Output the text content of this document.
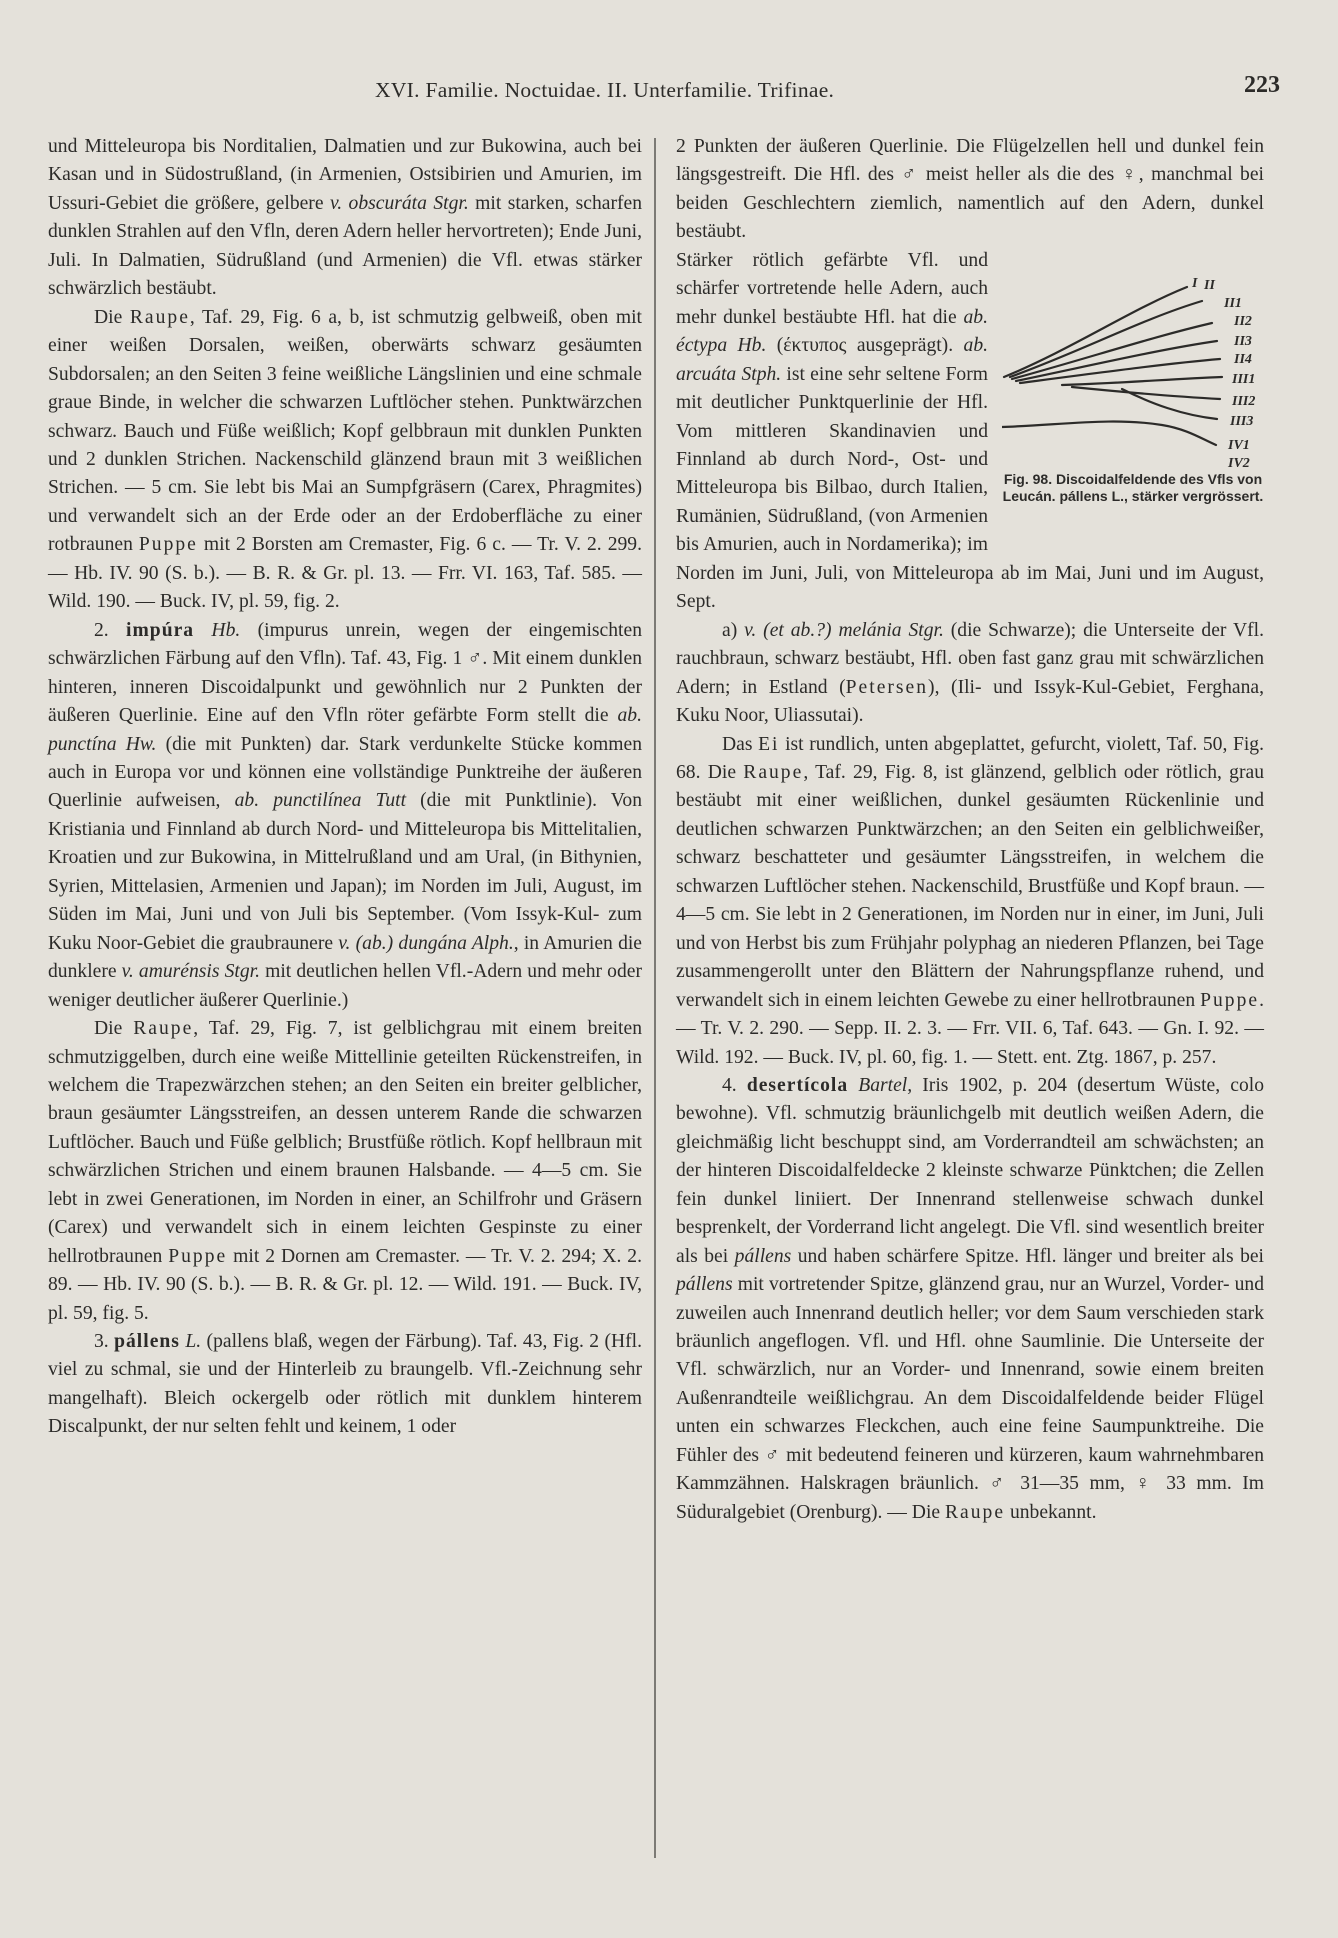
XVI. Familie. Noctuidae. II. Unterfamilie. Trifinae.	223

und Mitteleuropa bis Norditalien, Dalmatien und zur Bukowina, auch bei Kasan und in Südostrußland, (in Armenien, Ostsibirien und Amurien, im Ussuri-Gebiet die größere, gelbere v. obscuráta Stgr. mit starken, scharfen dunklen Strahlen auf den Vfln, deren Adern heller hervortreten); Ende Juni, Juli. In Dalmatien, Südrußland (und Armenien) die Vfl. etwas stärker schwärzlich bestäubt.

Die Raupe, Taf. 29, Fig. 6 a, b, ist schmutzig gelbweiß, oben mit einer weißen Dorsalen, weißen, oberwärts schwarz gesäumten Subdorsalen; an den Seiten 3 feine weißliche Längslinien und eine schmale graue Binde, in welcher die schwarzen Luftlöcher stehen. Punktwärzchen schwarz. Bauch und Füße weißlich; Kopf gelbbraun mit dunklen Punkten und 2 dunklen Strichen. Nackenschild glänzend braun mit 3 weißlichen Strichen. — 5 cm. Sie lebt bis Mai an Sumpfgräsern (Carex, Phragmites) und verwandelt sich an der Erde oder an der Erdoberfläche zu einer rotbraunen Puppe mit 2 Borsten am Cremaster, Fig. 6 c. — Tr. V. 2. 299. — Hb. IV. 90 (S. b.). — B. R. & Gr. pl. 13. — Frr. VI. 163, Taf. 585. — Wild. 190. — Buck. IV, pl. 59, fig. 2.

2. impúra Hb. (impurus unrein, wegen der eingemischten schwärzlichen Färbung auf den Vfln). Taf. 43, Fig. 1 ♂. Mit einem dunklen hinteren, inneren Discoidalpunkt und gewöhnlich nur 2 Punkten der äußeren Querlinie. Eine auf den Vfln röter gefärbte Form stellt die ab. punctína Hw. (die mit Punkten) dar. Stark verdunkelte Stücke kommen auch in Europa vor und können eine vollständige Punktreihe der äußeren Querlinie aufweisen, ab. punctilínea Tutt (die mit Punktlinie). Von Kristiania und Finnland ab durch Nord- und Mitteleuropa bis Mittelitalien, Kroatien und zur Bukowina, in Mittelrußland und am Ural, (in Bithynien, Syrien, Mittelasien, Armenien und Japan); im Norden im Juli, August, im Süden im Mai, Juni und von Juli bis September. (Vom Issyk-Kul- zum Kuku Noor-Gebiet die graubraunere v. (ab.) dungána Alph., in Amurien die dunklere v. amurénsis Stgr. mit deutlichen hellen Vfl.-Adern und mehr oder weniger deutlicher äußerer Querlinie.)

Die Raupe, Taf. 29, Fig. 7, ist gelblichgrau mit einem breiten schmutziggelben, durch eine weiße Mittellinie geteilten Rückenstreifen, in welchem die Trapezwärzchen stehen; an den Seiten ein breiter gelblicher, braun gesäumter Längsstreifen, an dessen unterem Rande die schwarzen Luftlöcher. Bauch und Füße gelblich; Brustfüße rötlich. Kopf hellbraun mit schwärzlichen Strichen und einem braunen Halsbande. — 4—5 cm. Sie lebt in zwei Generationen, im Norden in einer, an Schilfrohr und Gräsern (Carex) und verwandelt sich in einem leichten Gespinste zu einer hellrotbraunen Puppe mit 2 Dornen am Cremaster. — Tr. V. 2. 294; X. 2. 89. — Hb. IV. 90 (S. b.). — B. R. & Gr. pl. 12. — Wild. 191. — Buck. IV, pl. 59, fig. 5.

3. pállens L. (pallens blaß, wegen der Färbung). Taf. 43, Fig. 2 (Hfl. viel zu schmal, sie und der Hinterleib zu braungelb. Vfl.-Zeichnung sehr mangelhaft). Bleich ockergelb oder rötlich mit dunklem hinterem Discalpunkt, der nur selten fehlt und keinem, 1 oder

2 Punkten der äußeren Querlinie. Die Flügelzellen hell und dunkel fein längsgestreift. Die Hfl. des ♂ meist heller als die des ♀, manchmal bei beiden Geschlechtern ziemlich, namentlich auf den Adern, dunkel bestäubt.

I II
II1
II2
II3
II4
III1
III2
III3
IV1
IV2
Fig. 98. Discoidalfeldende des Vfls von Leucán. pállens L., stärker vergrössert.

Stärker rötlich gefärbte Vfl. und schärfer vortretende helle Adern, auch mehr dunkel bestäubte Hfl. hat die ab. éctypa Hb. (έκτυπος ausgeprägt). ab. arcuáta Stph. ist eine sehr seltene Form mit deutlicher Punktquerlinie der Hfl. Vom mittleren Skandinavien und Finnland ab durch Nord-, Ost- und Mitteleuropa bis Bilbao, durch Italien, Rumänien, Südrußland, (von Armenien bis Amurien, auch in Nordamerika); im Norden im Juni, Juli, von Mitteleuropa ab im Mai, Juni und im August, Sept.

a) v. (et ab.?) melánia Stgr. (die Schwarze); die Unterseite der Vfl. rauchbraun, schwarz bestäubt, Hfl. oben fast ganz grau mit schwärzlichen Adern; in Estland (Petersen), (Ili- und Issyk-Kul-Gebiet, Ferghana, Kuku Noor, Uliassutai).

Das Ei ist rundlich, unten abgeplattet, gefurcht, violett, Taf. 50, Fig. 68. Die Raupe, Taf. 29, Fig. 8, ist glänzend, gelblich oder rötlich, grau bestäubt mit einer weißlichen, dunkel gesäumten Rückenlinie und deutlichen schwarzen Punktwärzchen; an den Seiten ein gelblichweißer, schwarz beschatteter und gesäumter Längsstreifen, in welchem die schwarzen Luftlöcher stehen. Nackenschild, Brustfüße und Kopf braun. — 4—5 cm. Sie lebt in 2 Generationen, im Norden nur in einer, im Juni, Juli und von Herbst bis zum Frühjahr polyphag an niederen Pflanzen, bei Tage zusammengerollt unter den Blättern der Nahrungspflanze ruhend, und verwandelt sich in einem leichten Gewebe zu einer hellrotbraunen Puppe. — Tr. V. 2. 290. — Sepp. II. 2. 3. — Frr. VII. 6, Taf. 643. — Gn. I. 92. — Wild. 192. — Buck. IV, pl. 60, fig. 1. — Stett. ent. Ztg. 1867, p. 257.

4. desertícola Bartel, Iris 1902, p. 204 (desertum Wüste, colo bewohne). Vfl. schmutzig bräunlichgelb mit deutlich weißen Adern, die gleichmäßig licht beschuppt sind, am Vorderrandteil am schwächsten; an der hinteren Discoidalfeldecke 2 kleinste schwarze Pünktchen; die Zellen fein dunkel liniiert. Der Innenrand stellenweise schwach dunkel besprenkelt, der Vorderrand licht angelegt. Die Vfl. sind wesentlich breiter als bei pállens und haben schärfere Spitze. Hfl. länger und breiter als bei pállens mit vortretender Spitze, glänzend grau, nur an Wurzel, Vorder- und zuweilen auch Innenrand deutlich heller; vor dem Saum verschieden stark bräunlich angeflogen. Vfl. und Hfl. ohne Saumlinie. Die Unterseite der Vfl. schwärzlich, nur an Vorder- und Innenrand, sowie einem breiten Außenrandteile weißlichgrau. An dem Discoidalfeldende beider Flügel unten ein schwarzes Fleckchen, auch eine feine Saumpunktreihe. Die Fühler des ♂ mit bedeutend feineren und kürzeren, kaum wahrnehmbaren Kammzähnen. Halskragen bräunlich. ♂ 31—35 mm, ♀ 33 mm. Im Süduralgebiet (Orenburg). — Die Raupe unbekannt.
